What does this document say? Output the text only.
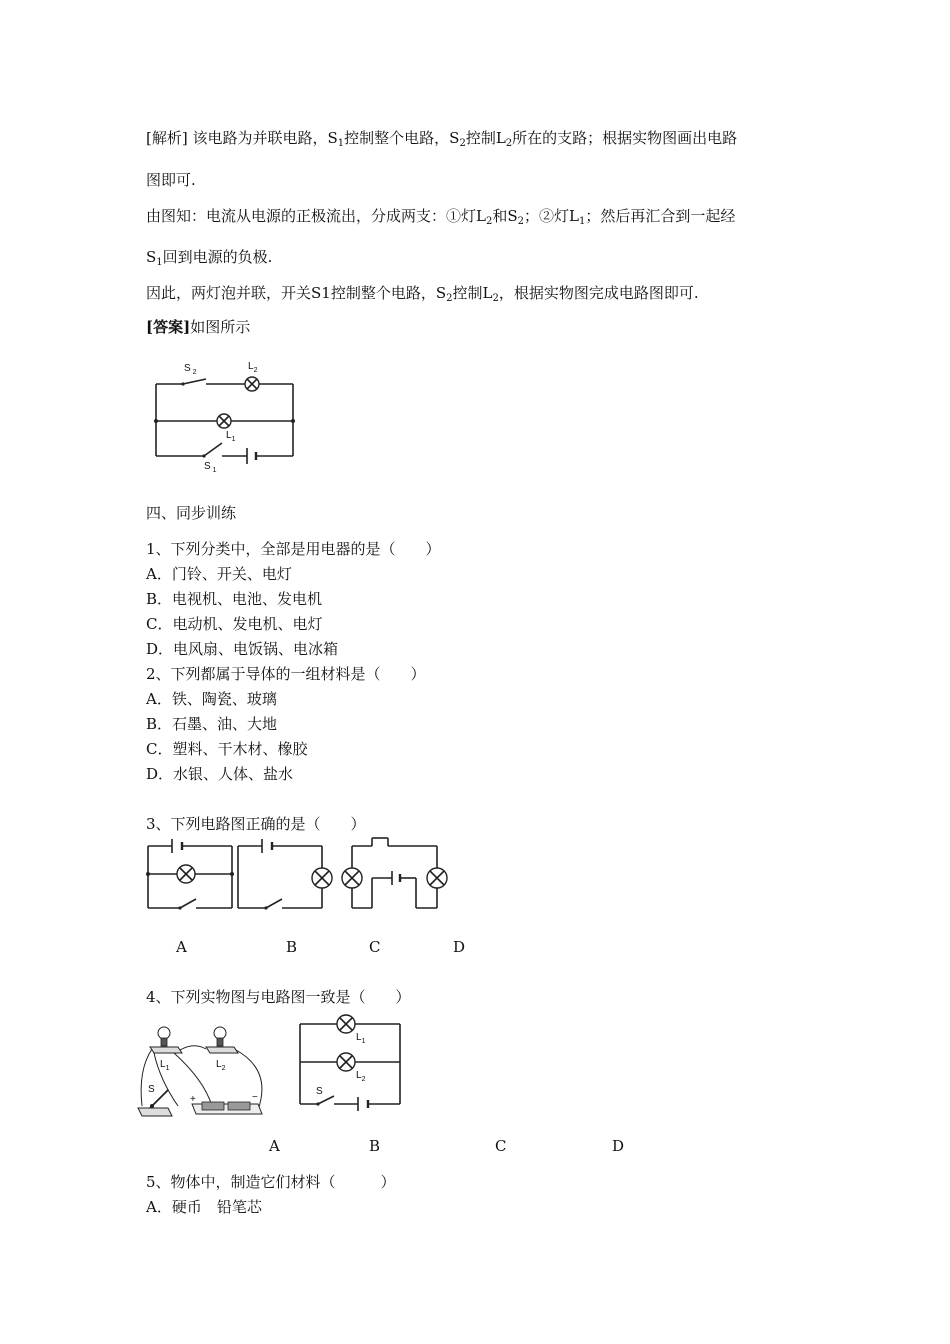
[解析] 该电路为并联电路，$S_1$控制整个电路，$S_2$控制$L_2$所在的支路；根据实物图画出电路
图即可.
由图知：电流从电源的正极流出，分成两支：①灯$L_2$和$S_2$；②灯$L_1$；然后再汇合到一起经
$S_1$回到电源的负极.
因此，两灯泡并联，开关S1控制整个电路，$S_2$控制$L_2$，根据实物图完成电路图即可.
[答案]如图所示
S $_2$
$L_2$
$L_1$
S $_1$
四、同步训练
1、下列分类中，全部是用电器的是（　　）
A．门铃、开关、电灯
B．电视机、电池、发电机
C．电动机、发电机、电灯
D．电风扇、电饭锅、电冰箱
2、下列都属于导体的一组材料是（　　）
A．铁、陶瓷、玻璃
B．石墨、油、大地
C．塑料、干木材、橡胶
D．水银、人体、盐水
3、下列电路图正确的是（　　）
A	B	C	D
4、下列实物图与电路图一致是（　　）
$L_1$	$L_2$
S
+	−
$L_1$
$L_2$
S
A	B	C	D
5、物体中，制造它们材料（　　　）
A．硬币　铅笔芯
